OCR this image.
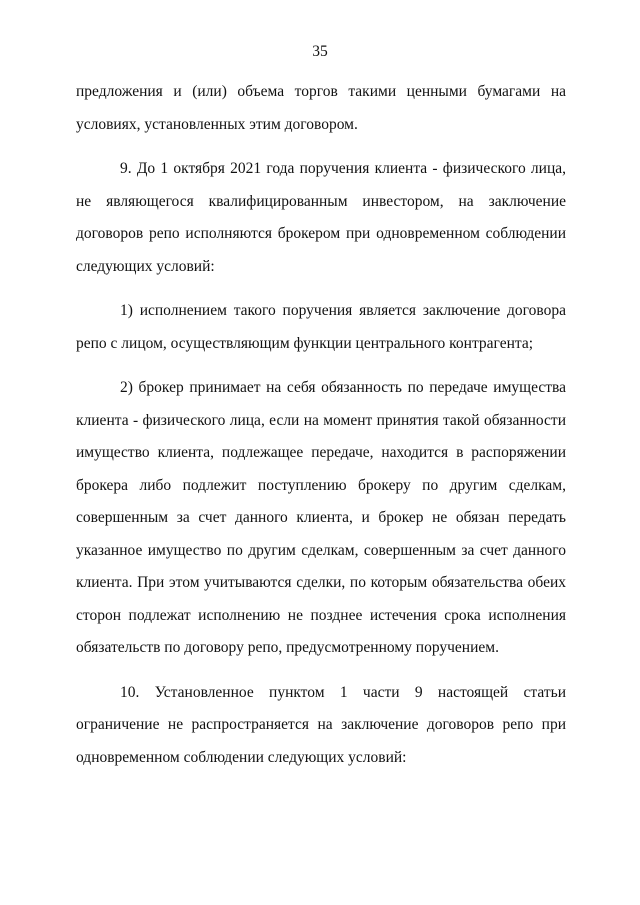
35

предложения и (или) объема торгов такими ценными бумагами на условиях, установленных этим договором.

9. До 1 октября 2021 года поручения клиента - физического лица, не являющегося квалифицированным инвестором, на заключение договоров репо исполняются брокером при одновременном соблюдении следующих условий:

1) исполнением такого поручения является заключение договора репо с лицом, осуществляющим функции центрального контрагента;

2) брокер принимает на себя обязанность по передаче имущества клиента - физического лица, если на момент принятия такой обязанности имущество клиента, подлежащее передаче, находится в распоряжении брокера либо подлежит поступлению брокеру по другим сделкам, совершенным за счет данного клиента, и брокер не обязан передать указанное имущество по другим сделкам, совершенным за счет данного клиента. При этом учитываются сделки, по которым обязательства обеих сторон подлежат исполнению не позднее истечения срока исполнения обязательств по договору репо, предусмотренному поручением.

10. Установленное пунктом 1 части 9 настоящей статьи ограничение не распространяется на заключение договоров репо при одновременном соблюдении следующих условий:
